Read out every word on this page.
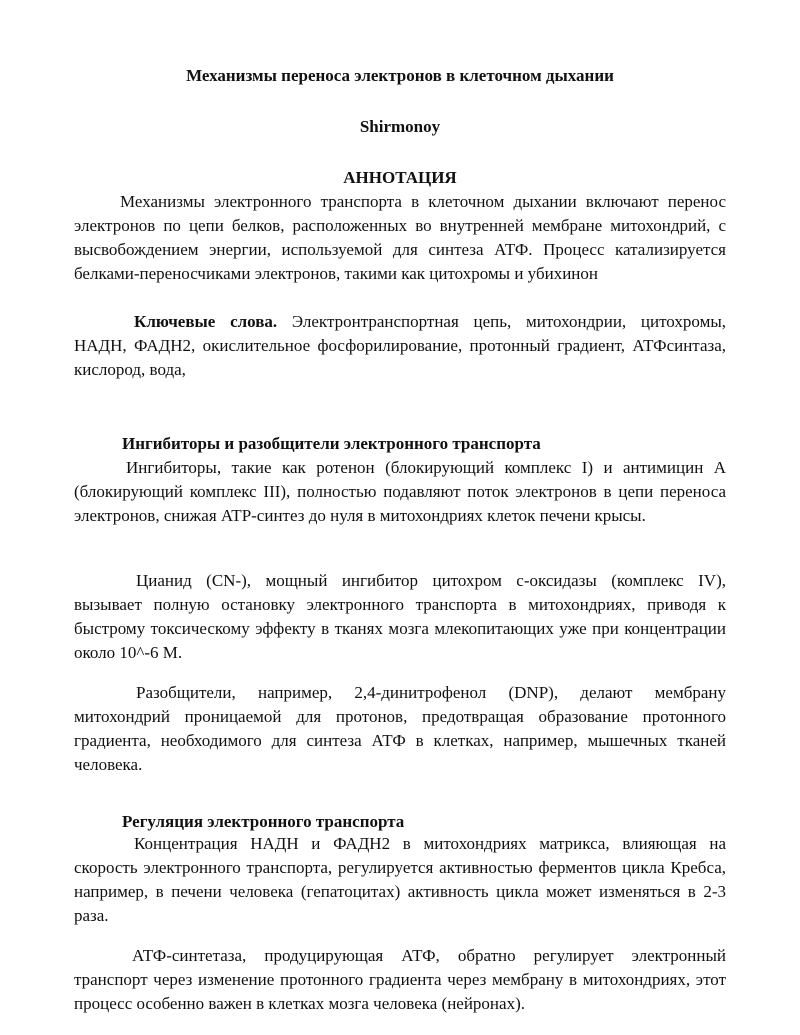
Механизмы переноса электронов в клеточном дыхании
Shirmonoy
АННОТАЦИЯ

Механизмы электронного транспорта в клеточном дыхании включают перенос электронов по цепи белков, расположенных во внутренней мембране митохондрий, с высвобождением энергии, используемой для синтеза АТФ. Процесс катализируется белками-переносчиками электронов, такими как цитохромы и убихинон

Ключевые слова. Электронтранспортная цепь, митохондрии, цитохромы, НАДН, ФАДН2, окислительное фосфорилирование, протонный градиент, АТФсинтаза, кислород, вода,

Ингибиторы и разобщители электронного транспорта

Ингибиторы, такие как ротенон (блокирующий комплекс I) и антимицин А (блокирующий комплекс III), полностью подавляют поток электронов в цепи переноса электронов, снижая ATP-синтез до нуля в митохондриях клеток печени крысы.

Цианид (CN-), мощный ингибитор цитохром с-оксидазы (комплекс IV), вызывает полную остановку электронного транспорта в митохондриях, приводя к быстрому токсическому эффекту в тканях мозга млекопитающих уже при концентрации около 10^-6 М.

Разобщители, например, 2,4-динитрофенол (DNP), делают мембрану митохондрий проницаемой для протонов, предотвращая образование протонного градиента, необходимого для синтеза АТФ в клетках, например, мышечных тканей человека.

Регуляция электронного транспорта

Концентрация НАДН и ФАДН2 в митохондриях матрикса, влияющая на скорость электронного транспорта, регулируется активностью ферментов цикла Кребса, например, в печени человека (гепатоцитах) активность цикла может изменяться в 2-3 раза.

АТФ-синтетаза, продуцирующая АТФ, обратно регулирует электронный транспорт через изменение протонного градиента через мембрану в митохондриях, этот процесс особенно важен в клетках мозга человека (нейронах).
